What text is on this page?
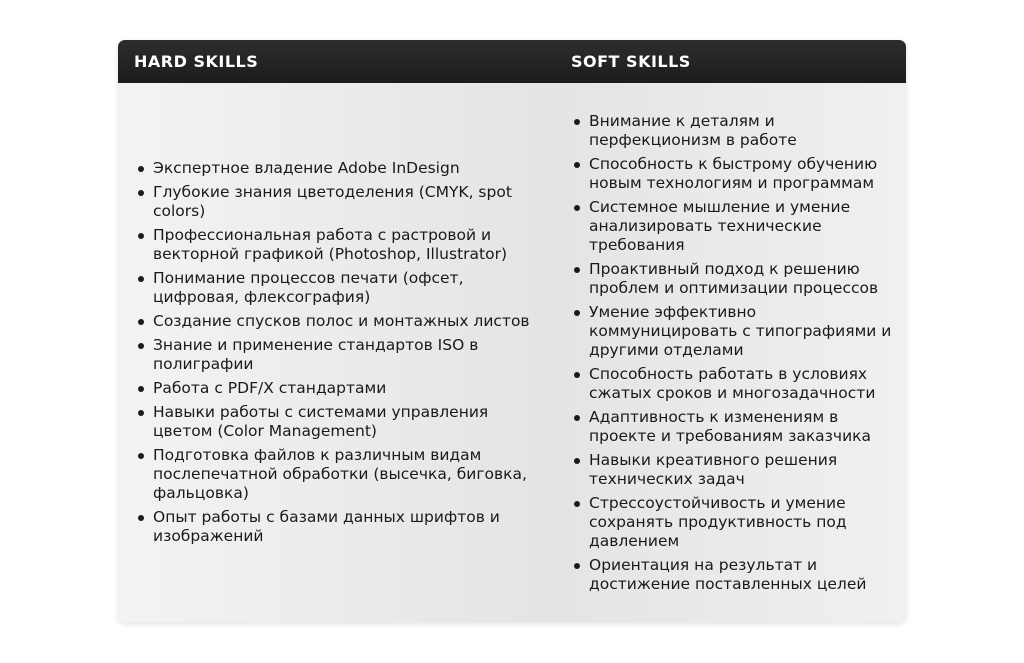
HARD SKILLS	SOFT SKILLS
Экспертное владение Adobe InDesign
Глубокие знания цветоделения (CMYK, spot colors)
Профессиональная работа с растровой и векторной графикой (Photoshop, Illustrator)
Понимание процессов печати (офсет, цифровая, флексография)
Создание спусков полос и монтажных листов
Знание и применение стандартов ISO в полиграфии
Работа с PDF/X стандартами
Навыки работы с системами управления цветом (Color Management)
Подготовка файлов к различным видам послепечатной обработки (высечка, биговка, фальцовка)
Опыт работы с базами данных шрифтов и изображений
Внимание к деталям и перфекционизм в работе
Способность к быстрому обучению новым технологиям и программам
Системное мышление и умение анализировать технические требования
Проактивный подход к решению проблем и оптимизации процессов
Умение эффективно коммуницировать с типографиями и другими отделами
Способность работать в условиях сжатых сроков и многозадачности
Адаптивность к изменениям в проекте и требованиям заказчика
Навыки креативного решения технических задач
Стрессоустойчивость и умение сохранять продуктивность под давлением
Ориентация на результат и достижение поставленных целей
